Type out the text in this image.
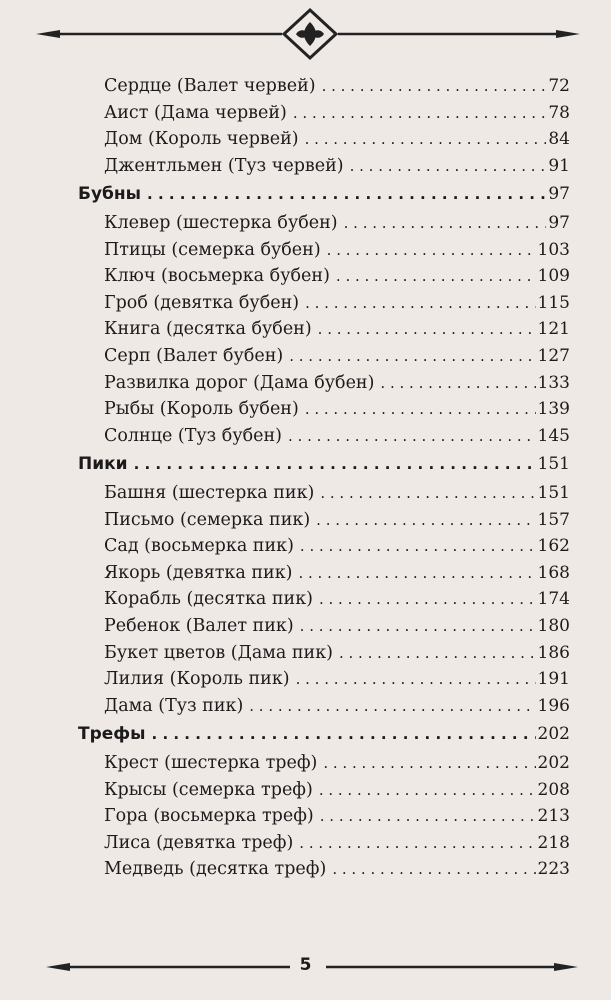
Сердце (Валет червей) . . .	72
Аист (Дама червей) . . .	78
Дом (Король червей) . . .	84
Джентльмен (Туз червей) . . .	91
Бубны . . .	97
Клевер (шестерка бубен) . . .	97
Птицы (семерка бубен) . . .	103
Ключ (восьмерка бубен) . . .	109
Гроб (девятка бубен) . . .	115
Книга (десятка бубен) . . .	121
Серп (Валет бубен) . . .	127
Развилка дорог (Дама бубен) . . .	133
Рыбы (Король бубен) . . .	139
Солнце (Туз бубен) . . .	145
Пики . . .	151
Башня (шестерка пик) . . .	151
Письмо (семерка пик) . . .	157
Сад (восьмерка пик) . . .	162
Якорь (девятка пик) . . .	168
Корабль (десятка пик) . . .	174
Ребенок (Валет пик) . . .	180
Букет цветов (Дама пик) . . .	186
Лилия (Король пик) . . .	191
Дама (Туз пик) . . .	196
Трефы . . .	202
Крест (шестерка треф) . . .	202
Крысы (семерка треф) . . .	208
Гора (восьмерка треф) . . .	213
Лиса (девятка треф) . . .	218
Медведь (десятка треф) . . .	223
5
